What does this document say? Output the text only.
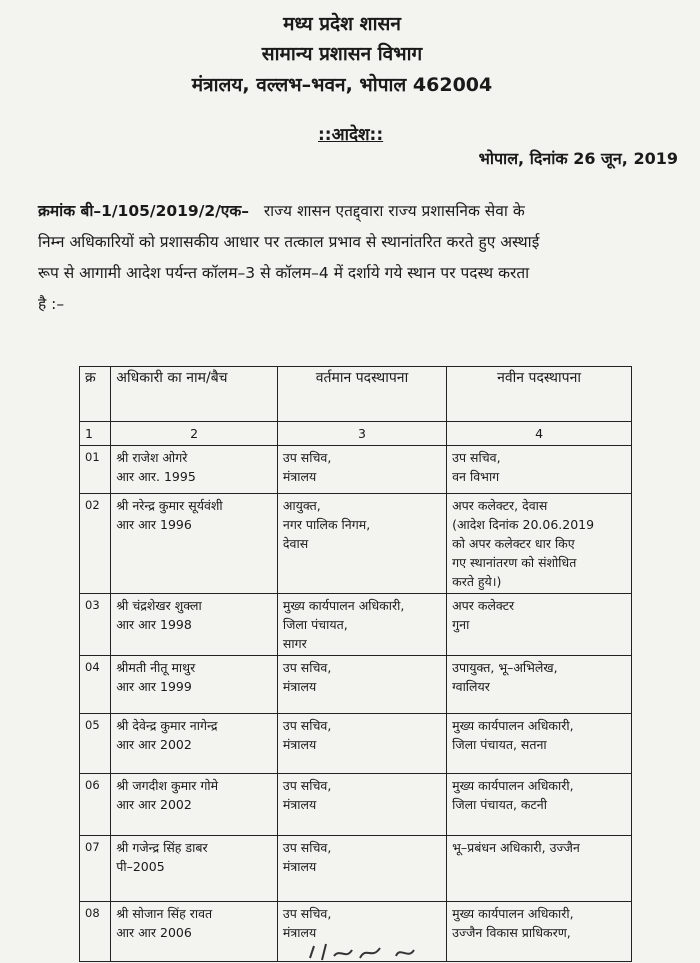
मध्य प्रदेश शासन
सामान्य प्रशासन विभाग
मंत्रालय, वल्लभ–भवन, भोपाल 462004
::आदेश::
भोपाल, दिनांक 26 जून, 2019
क्रमांक बी–1/105/2019/2/एक– राज्य शासन एतद्द्वारा राज्य प्रशासनिक सेवा के
निम्न अधिकारियों को प्रशासकीय आधार पर तत्काल प्रभाव से स्थानांतरित करते हुए अस्थाई
रूप से आगामी आदेश पर्यन्त कॉलम–3 से कॉलम–4 में दर्शाये गये स्थान पर पदस्थ करता
है :–
क्र	अधिकारी का नाम/बैच	वर्तमान पदस्थापना	नवीन पदस्थापना
1	2	3	4
01	श्री राजेश ओगरे
आर आर. 1995	उप सचिव,
मंत्रालय	उप सचिव,
वन विभाग

02	श्री नरेन्द्र कुमार सूर्यवंशी
आर आर 1996	आयुक्त,
नगर पालिक निगम,
देवास	अपर कलेक्टर, देवास
(आदेश दिनांक 20.06.2019
को अपर कलेक्टर धार किए
गए स्थानांतरण को संशोधित
करते हुये।)

03	श्री चंद्रशेखर शुक्ला
आर आर 1998	मुख्य कार्यपालन अधिकारी,
जिला पंचायत,
सागर	अपर कलेक्टर
गुना

04	श्रीमती नीतू माथुर
आर आर 1999	उप सचिव,
मंत्रालय	उपायुक्त, भू–अभिलेख,
ग्वालियर

05	श्री देवेन्द्र कुमार नागेन्द्र
आर आर 2002	उप सचिव,
मंत्रालय	मुख्य कार्यपालन अधिकारी,
जिला पंचायत, सतना

06	श्री जगदीश कुमार गोमे
आर आर 2002	उप सचिव,
मंत्रालय	मुख्य कार्यपालन अधिकारी,
जिला पंचायत, कटनी

07	श्री गजेन्द्र सिंह डाबर
पी–2005	उप सचिव,
मंत्रालय	भू–प्रबंधन अधिकारी, उज्जैन

08	श्री सोजान सिंह रावत
आर आर 2006	उप सचिव,
मंत्रालय	मुख्य कार्यपालन अधिकारी,
उज्जैन विकास प्राधिकरण,
